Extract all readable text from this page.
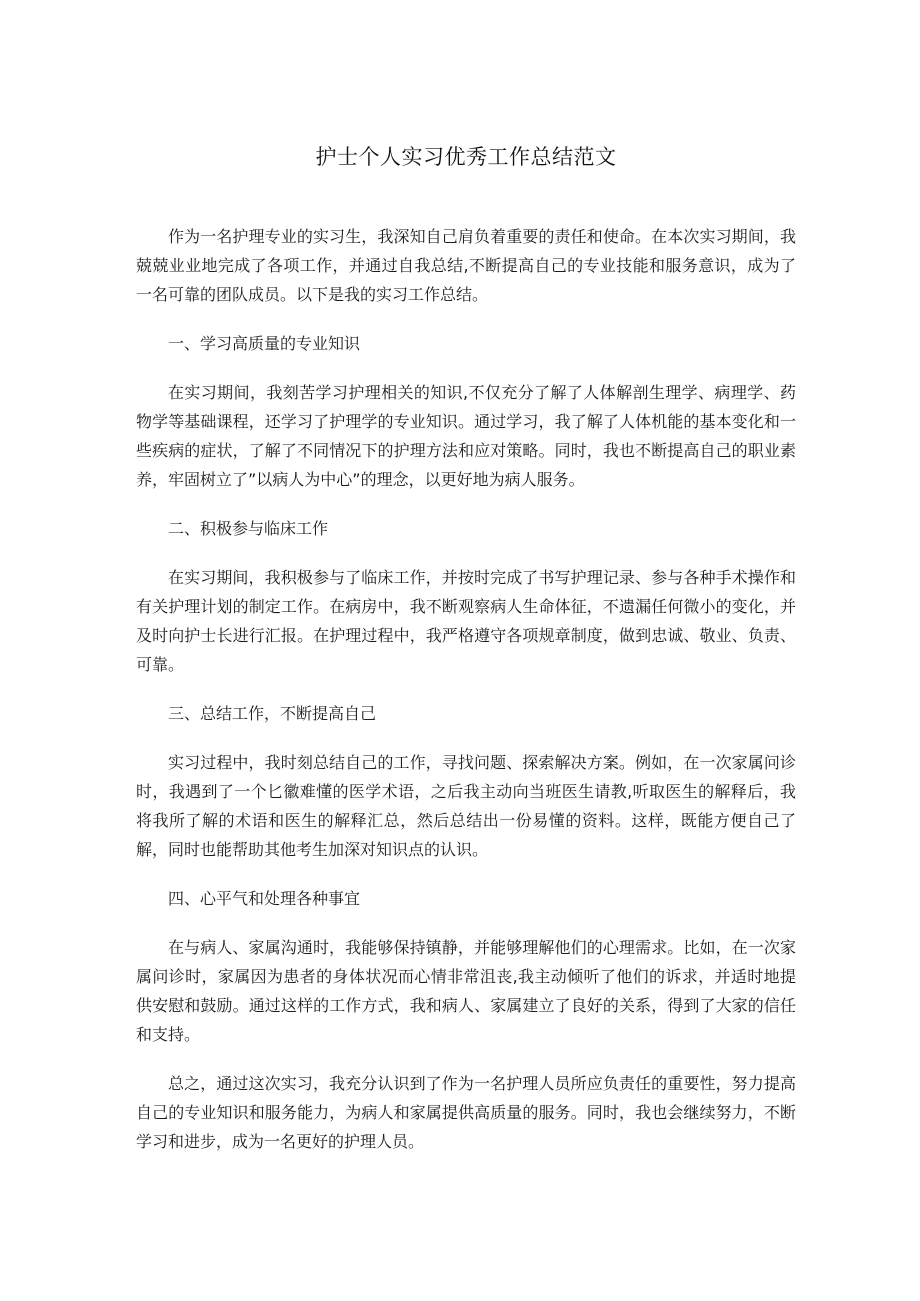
护士个人实习优秀工作总结范文

作为一名护理专业的实习生，我深知自己肩负着重要的责任和使命。在本次实习期间，我兢兢业业地完成了各项工作，并通过自我总结,不断提高自己的专业技能和服务意识，成为了一名可靠的团队成员。以下是我的实习工作总结。

一、学习高质量的专业知识

在实习期间，我刻苦学习护理相关的知识,不仅充分了解了人体解剖生理学、病理学、药物学等基础课程，还学习了护理学的专业知识。通过学习，我了解了人体机能的基本变化和一些疾病的症状，了解了不同情况下的护理方法和应对策略。同时，我也不断提高自己的职业素养，牢固树立了”以病人为中心”的理念，以更好地为病人服务。

二、积极参与临床工作

在实习期间，我积极参与了临床工作，并按时完成了书写护理记录、参与各种手术操作和有关护理计划的制定工作。在病房中，我不断观察病人生命体征，不遗漏任何微小的变化，并及时向护士长进行汇报。在护理过程中，我严格遵守各项规章制度，做到忠诚、敬业、负责、可靠。

三、总结工作，不断提高自己

实习过程中，我时刻总结自己的工作，寻找问题、探索解决方案。例如，在一次家属问诊时，我遇到了一个匕徽难懂的医学术语，之后我主动向当班医生请教,听取医生的解释后，我将我所了解的术语和医生的解释汇总，然后总结出一份易懂的资料。这样，既能方便自己了解，同时也能帮助其他考生加深对知识点的认识。

四、心平气和处理各种事宜

在与病人、家属沟通时，我能够保持镇静，并能够理解他们的心理需求。比如，在一次家属问诊时，家属因为患者的身体状况而心情非常沮丧,我主动倾听了他们的诉求，并适时地提供安慰和鼓励。通过这样的工作方式，我和病人、家属建立了良好的关系，得到了大家的信任和支持。

总之，通过这次实习，我充分认识到了作为一名护理人员所应负责任的重要性，努力提高自己的专业知识和服务能力，为病人和家属提供高质量的服务。同时，我也会继续努力，不断学习和进步，成为一名更好的护理人员。
